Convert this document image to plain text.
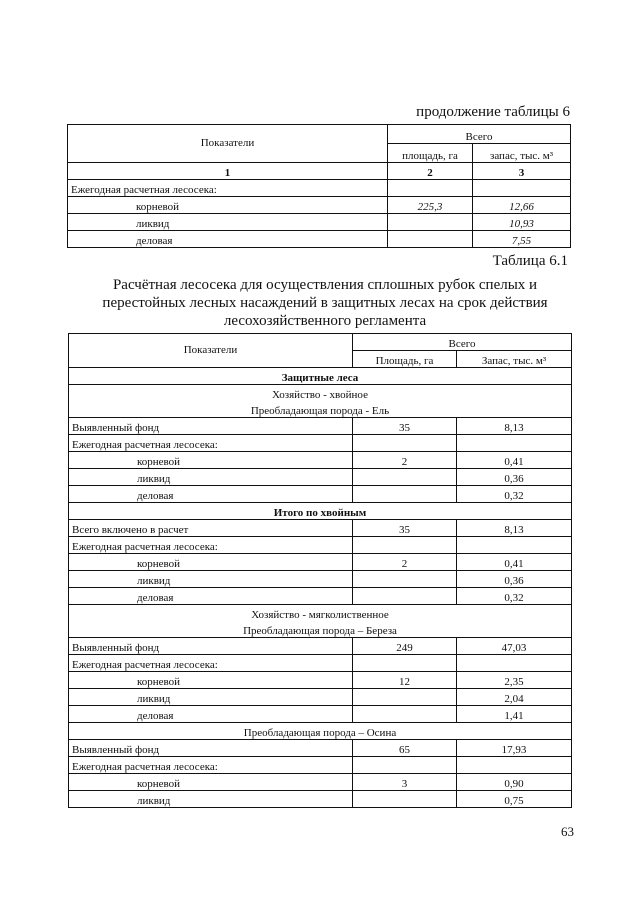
продолжение таблицы 6
Показатели	Всего	
	площадь, га	запас, тыс. м³
1	2	3
Ежегодная расчетная лесосека:		
корневой	225,3	12,66
ликвид		10,93
деловая		7,55
Таблица 6.1
Расчётная лесосека для осуществления сплошных рубок спелых и перестойных лесных насаждений в защитных лесах на срок действия лесохозяйственного регламента
Показатели	Всего	
	Площадь, га	Запас, тыс. м³
Защитные леса		
Хозяйство - хвойное		
Преобладающая порода - Ель		
Выявленный фонд	35	8,13
Ежегодная расчетная лесосека:		
корневой	2	0,41
ликвид		0,36
деловая		0,32
Итого по хвойным		
Всего включено в расчет	35	8,13
Ежегодная расчетная лесосека:		
корневой	2	0,41
ликвид		0,36
деловая		0,32
Хозяйство - мягколиственное		
Преобладающая порода – Береза		
Выявленный фонд	249	47,03
Ежегодная расчетная лесосека:		
корневой	12	2,35
ликвид		2,04
деловая		1,41
Преобладающая порода – Осина		
Выявленный фонд	65	17,93
Ежегодная расчетная лесосека:		
корневой	3	0,90
ликвид		0,75
63
